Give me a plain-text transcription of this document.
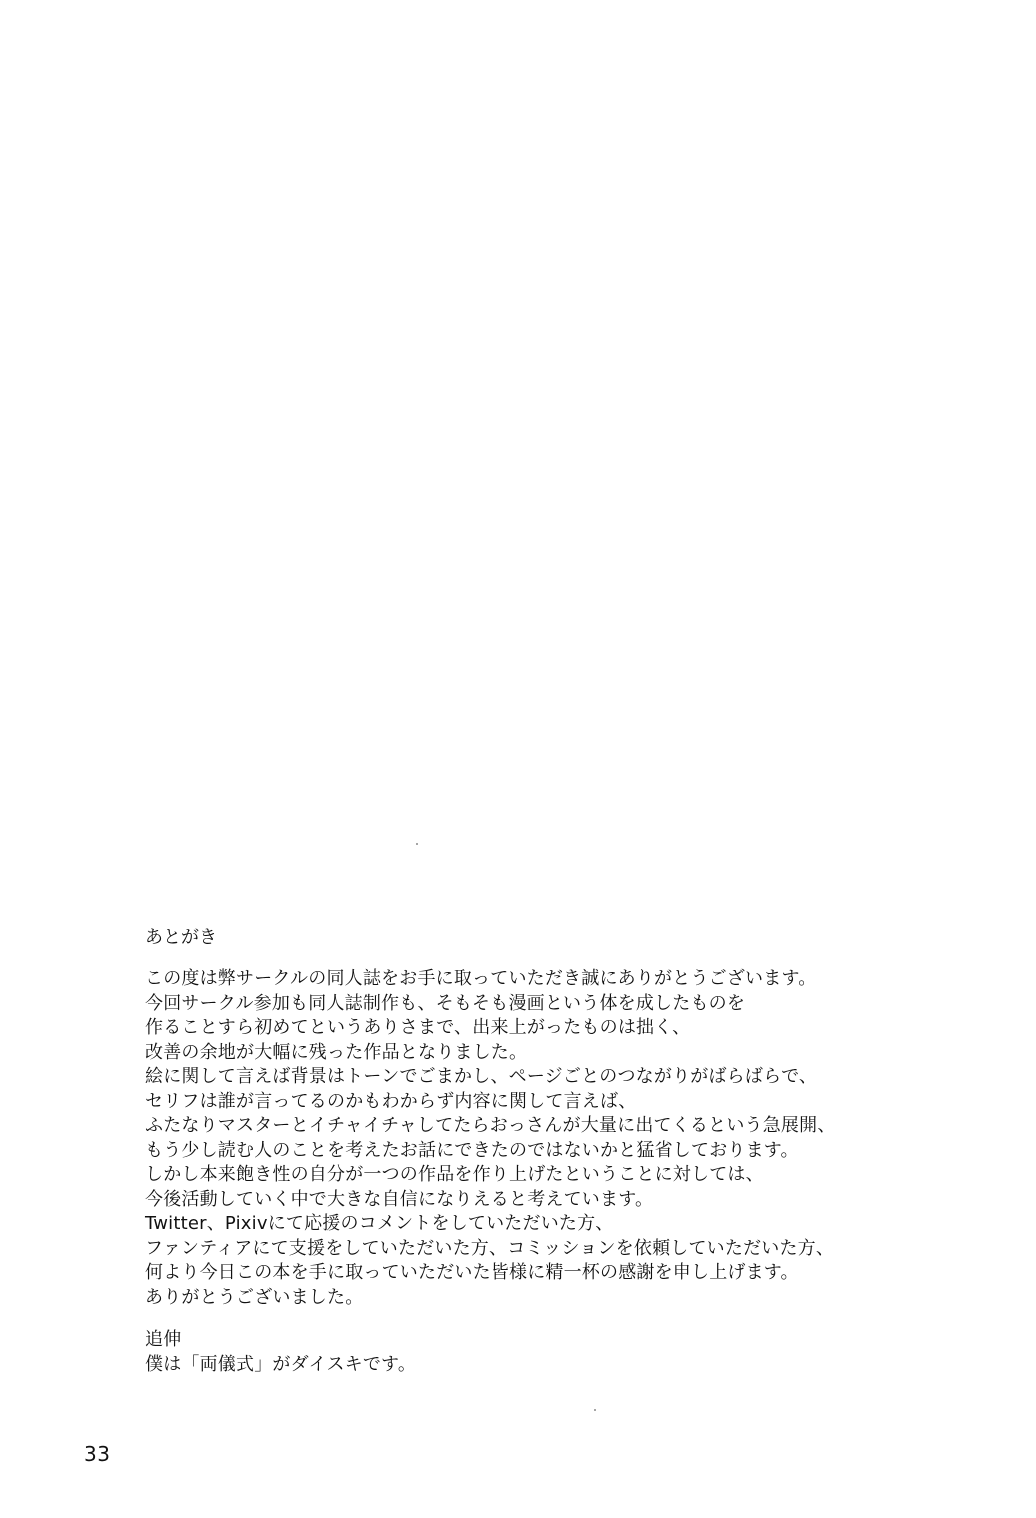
あとがき
この度は弊サークルの同人誌をお手に取っていただき誠にありがとうございます。
今回サークル参加も同人誌制作も、そもそも漫画という体を成したものを
作ることすら初めてというありさまで、出来上がったものは拙く、
改善の余地が大幅に残った作品となりました。
絵に関して言えば背景はトーンでごまかし、ページごとのつながりがばらばらで、
セリフは誰が言ってるのかもわからず内容に関して言えば、
ふたなりマスターとイチャイチャしてたらおっさんが大量に出てくるという急展開、
もう少し読む人のことを考えたお話にできたのではないかと猛省しております。
しかし本来飽き性の自分が一つの作品を作り上げたということに対しては、
今後活動していく中で大きな自信になりえると考えています。
Twitter、Pixivにて応援のコメントをしていただいた方、
ファンティアにて支援をしていただいた方、コミッションを依頼していただいた方、
何より今日この本を手に取っていただいた皆様に精一杯の感謝を申し上げます。
ありがとうございました。
追伸
僕は「両儀式」がダイスキです。
33
